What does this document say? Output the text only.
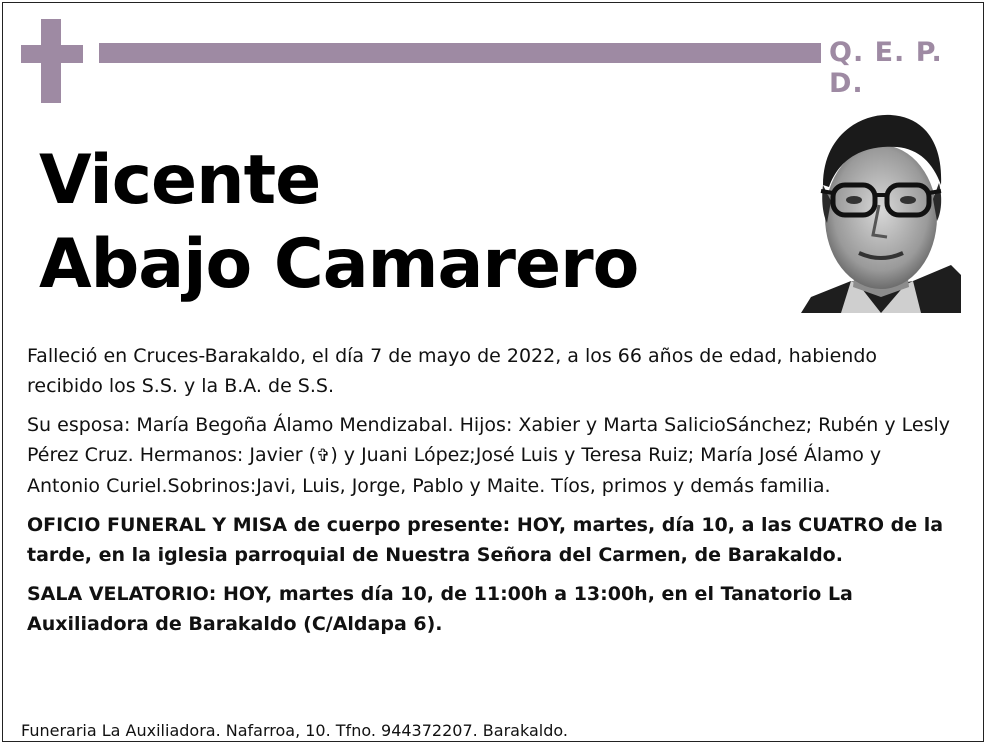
Q. E. P. D.
Vicente
Abajo Camarero

Falleció en Cruces-Barakaldo, el día 7 de mayo de 2022, a los 66 años de edad, habiendo recibido los S.S. y la B.A. de S.S.

Su esposa: María Begoña Álamo Mendizabal. Hijos: Xabier y Marta SalicioSánchez; Rubén y Lesly Pérez Cruz. Hermanos: Javier (✞) y Juani López;José Luis y Teresa Ruiz; María José Álamo y Antonio Curiel.Sobrinos:Javi, Luis, Jorge, Pablo y Maite. Tíos, primos y demás familia.

OFICIO FUNERAL Y MISA de cuerpo presente: HOY, martes, día 10, a las CUATRO de la tarde, en la iglesia parroquial de Nuestra Señora del Carmen, de Barakaldo.

SALA VELATORIO: HOY, martes día 10, de 11:00h a 13:00h, en el Tanatorio La Auxiliadora de Barakaldo (C/Aldapa 6).

Funeraria La Auxiliadora. Nafarroa, 10. Tfno. 944372207. Barakaldo.
